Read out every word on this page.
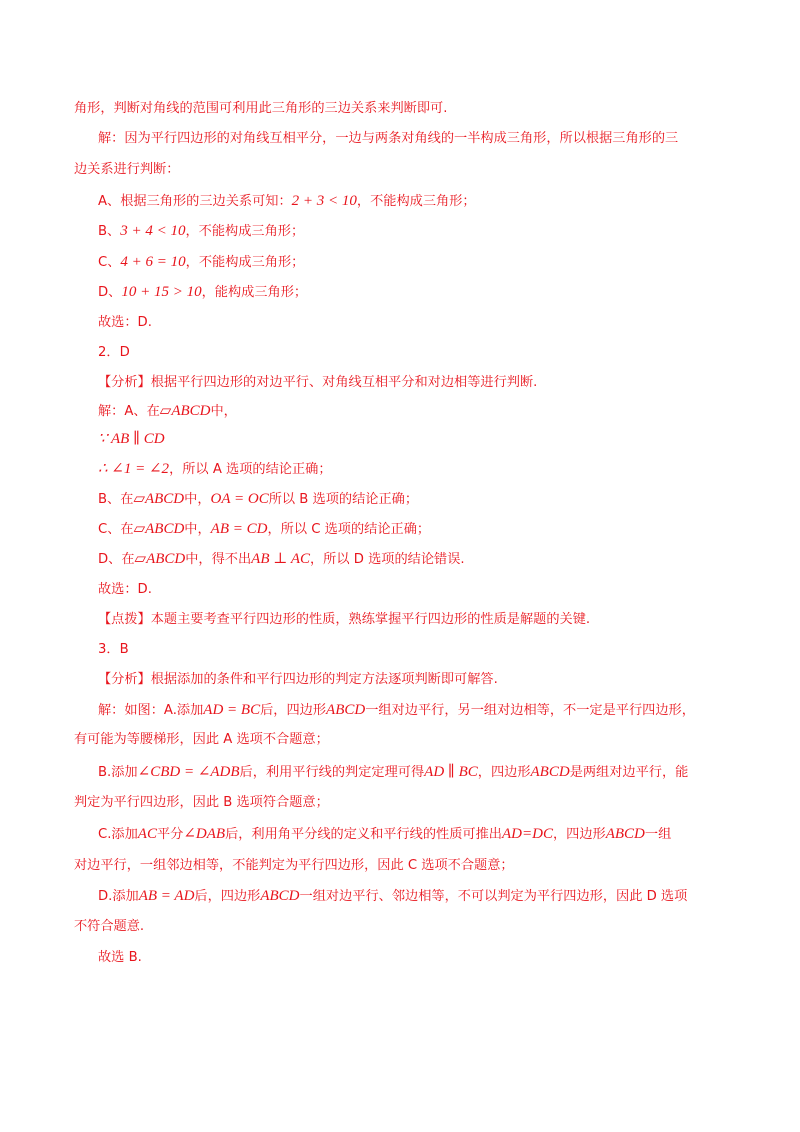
角形，判断对角线的范围可利用此三角形的三边关系来判断即可.
解：因为平行四边形的对角线互相平分，一边与两条对角线的一半构成三角形，所以根据三角形的三
边关系进行判断：
A、根据三角形的三边关系可知：2 + 3 < 10，不能构成三角形；
B、3 + 4 < 10，不能构成三角形；
C、4 + 6 = 10，不能构成三角形；
D、10 + 15 > 10，能构成三角形；
故选：D.
2．D
【分析】根据平行四边形的对边平行、对角线互相平分和对边相等进行判断.
解：A、在▱ABCD中，
∵ AB ∥ CD
∴ ∠1 = ∠2，所以 A 选项的结论正确；
B、在▱ABCD中，OA = OC所以 B 选项的结论正确；
C、在▱ABCD中，AB = CD，所以 C 选项的结论正确；
D、在▱ABCD中，得不出AB ⊥ AC，所以 D 选项的结论错误.
故选：D.
【点拨】本题主要考查平行四边形的性质，熟练掌握平行四边形的性质是解题的关键.
3．B
【分析】根据添加的条件和平行四边形的判定方法逐项判断即可解答.
解：如图：A.添加AD = BC后，四边形ABCD一组对边平行，另一组对边相等，不一定是平行四边形，
有可能为等腰梯形，因此 A 选项不合题意；
B.添加∠CBD = ∠ADB后，利用平行线的判定定理可得AD ∥ BC，四边形ABCD是两组对边平行，能
判定为平行四边形，因此 B 选项符合题意；
C.添加AC平分∠DAB后，利用角平分线的定义和平行线的性质可推出AD=DC，四边形ABCD一组
对边平行，一组邻边相等，不能判定为平行四边形，因此 C 选项不合题意；
D.添加AB = AD后，四边形ABCD一组对边平行、邻边相等，不可以判定为平行四边形，因此 D 选项
不符合题意.
故选 B.
